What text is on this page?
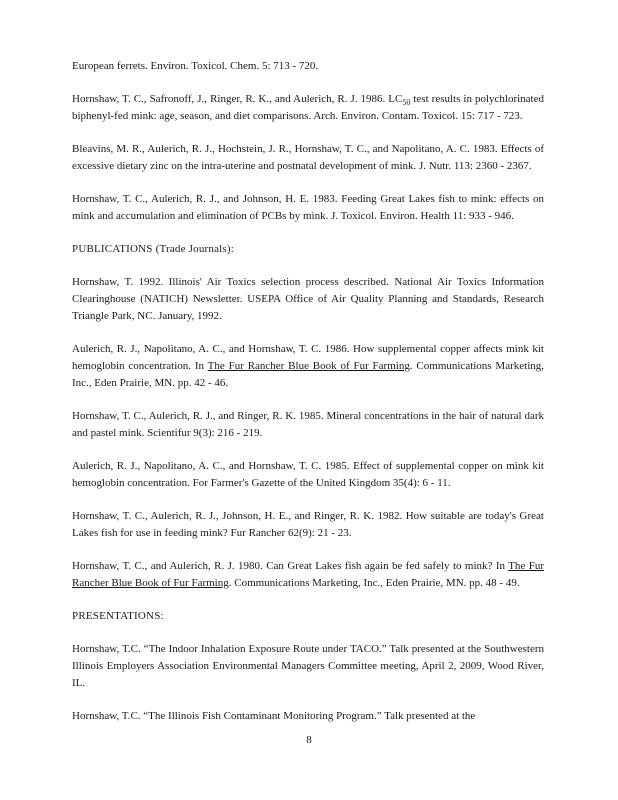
European ferrets. Environ. Toxicol. Chem. 5: 713 - 720.

Hornshaw, T. C., Safronoff, J., Ringer, R. K., and Aulerich, R. J. 1986. $LC_{50}$ test results in polychlorinated biphenyl-fed mink: age, season, and diet comparisons. Arch. Environ. Contam. Toxicol. 15: 717 - 723.

Bleavins, M. R., Aulerich, R. J., Hochstein, J. R., Hornshaw, T. C., and Napolitano, A. C. 1983. Effects of excessive dietary zinc on the intra-uterine and postnatal development of mink. J. Nutr. 113: 2360 - 2367.

Hornshaw, T. C., Aulerich, R. J., and Johnson, H. E. 1983. Feeding Great Lakes fish to mink: effects on mink and accumulation and elimination of PCBs by mink. J. Toxicol. Environ. Health 11: 933 - 946.

PUBLICATIONS (Trade Journals):

Hornshaw, T. 1992. Illinois' Air Toxics selection process described. National Air Toxics Information Clearinghouse (NATICH) Newsletter. USEPA Office of Air Quality Planning and Standards, Research Triangle Park, NC. January, 1992.

Aulerich, R. J., Napolitano, A. C., and Hornshaw, T. C. 1986. How supplemental copper affects mink kit hemoglobin concentration. In The Fur Rancher Blue Book of Fur Farming. Communications Marketing, Inc., Eden Prairie, MN. pp. 42 - 46.

Hornshaw, T. C., Aulerich, R. J., and Ringer, R. K. 1985. Mineral concentrations in the hair of natural dark and pastel mink. Scientifur 9(3): 216 - 219.

Aulerich, R. J., Napolitano, A. C., and Hornshaw, T. C. 1985. Effect of supplemental copper on mink kit hemoglobin concentration. For Farmer's Gazette of the United Kingdom 35(4): 6 - 11.

Hornshaw, T. C., Aulerich, R. J., Johnson, H. E., and Ringer, R. K. 1982. How suitable are today's Great Lakes fish for use in feeding mink? Fur Rancher 62(9): 21 - 23.

Hornshaw, T. C., and Aulerich, R. J. 1980. Can Great Lakes fish again be fed safely to mink? In The Fur Rancher Blue Book of Fur Farming. Communications Marketing, Inc., Eden Prairie, MN. pp. 48 - 49.

PRESENTATIONS:

Hornshaw, T.C. “The Indoor Inhalation Exposure Route under TACO.” Talk presented at the Southwestern Illinois Employers Association Environmental Managers Committee meeting, April 2, 2009, Wood River, IL.

Hornshaw, T.C. “The Illinois Fish Contaminant Monitoring Program.” Talk presented at the

8
